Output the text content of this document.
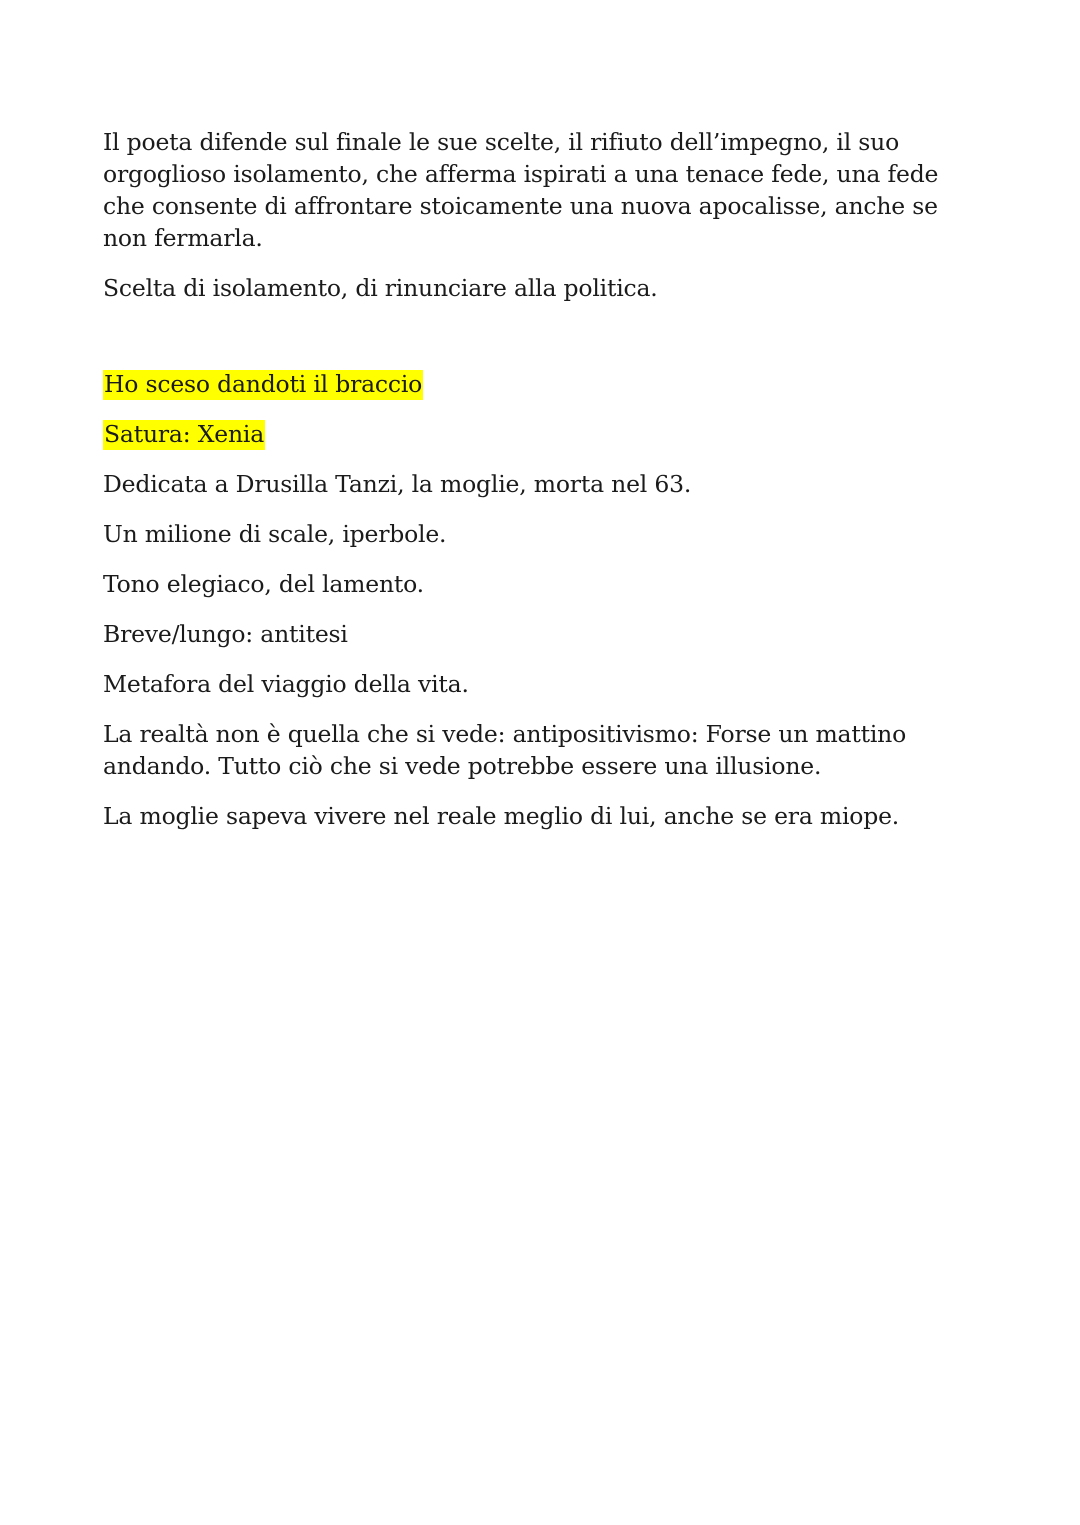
Il poeta difende sul finale le sue scelte, il rifiuto dell’impegno, il suo orgoglioso isolamento, che afferma ispirati a una tenace fede, una fede che consente di affrontare stoicamente una nuova apocalisse, anche se non fermarla.

Scelta di isolamento, di rinunciare alla politica.

Ho sceso dandoti il braccio

Satura: Xenia

Dedicata a Drusilla Tanzi, la moglie, morta nel 63.

Un milione di scale, iperbole.

Tono elegiaco, del lamento.

Breve/lungo: antitesi

Metafora del viaggio della vita.

La realtà non è quella che si vede: antipositivismo: Forse un mattino andando. Tutto ciò che si vede potrebbe essere una illusione.

La moglie sapeva vivere nel reale meglio di lui, anche se era miope.
